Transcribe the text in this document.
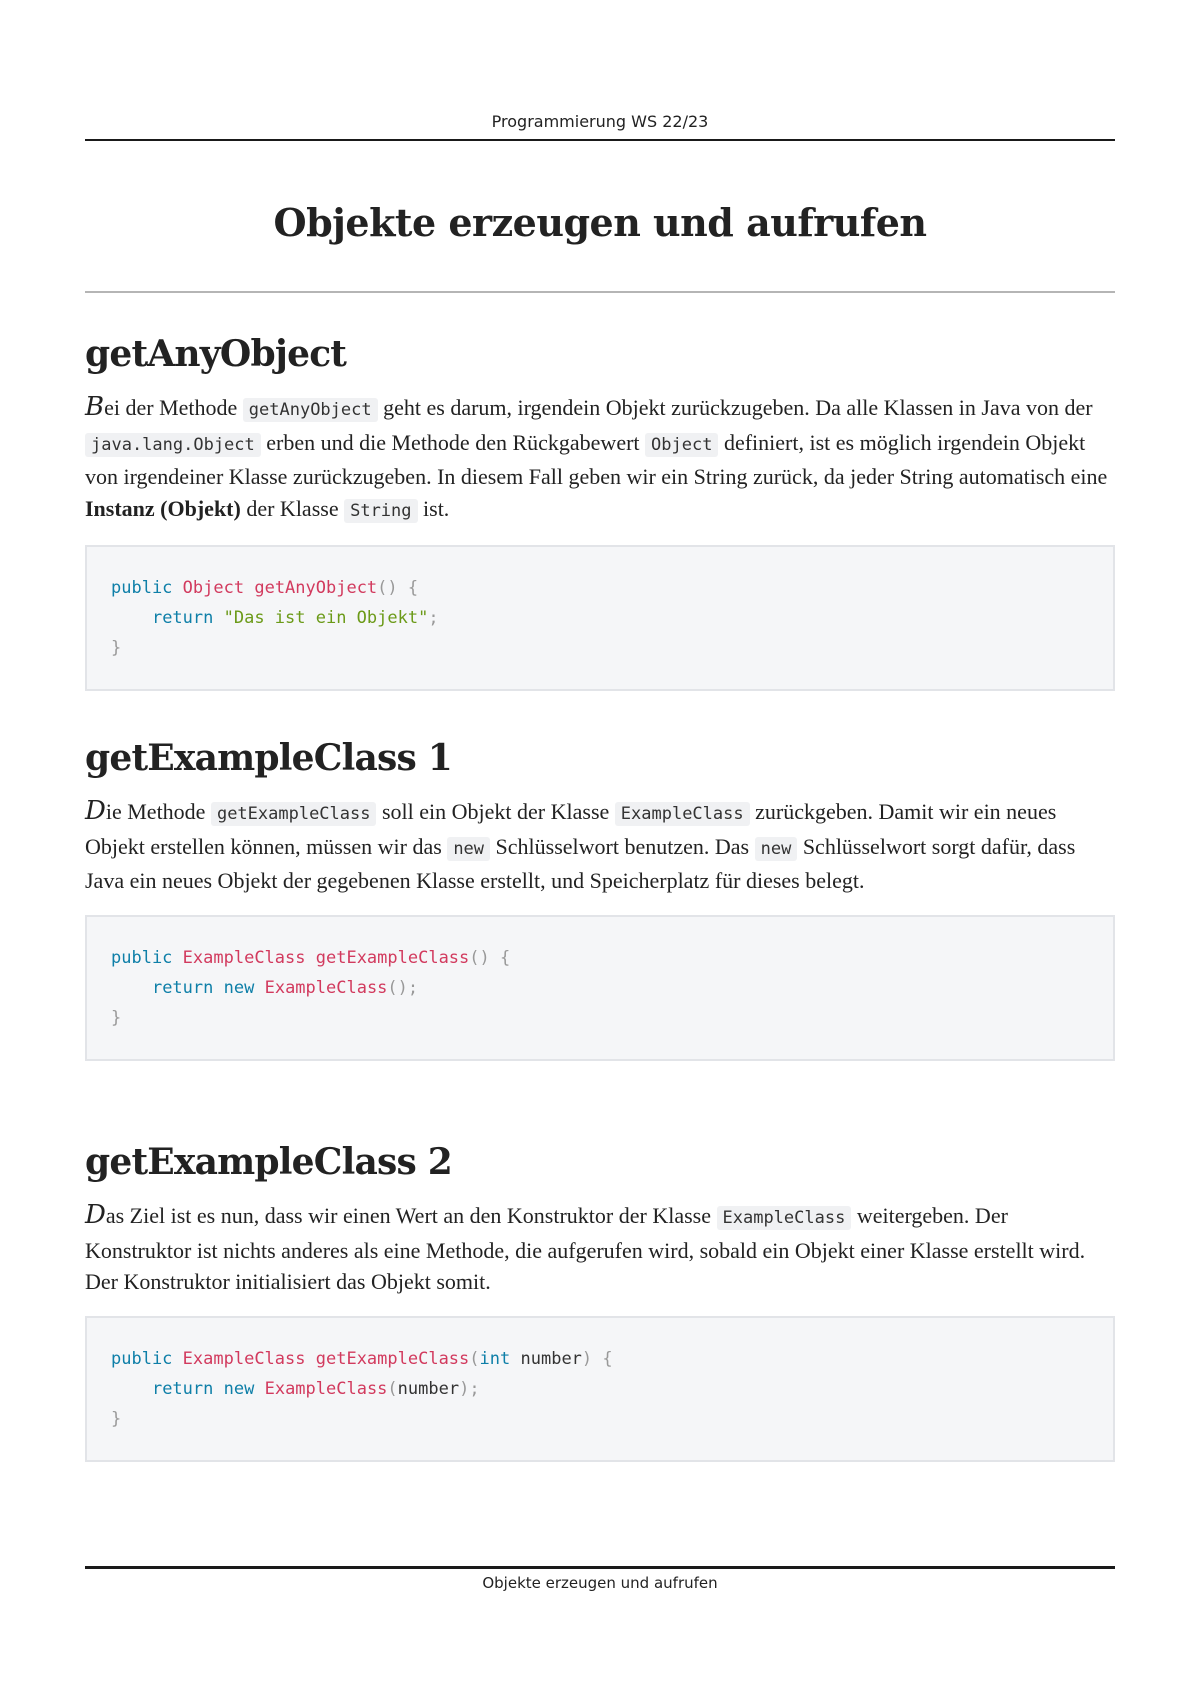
Programmierung WS 22/23
Objekte erzeugen und aufrufen
getAnyObject

Bei der Methode getAnyObject geht es darum, irgendein Objekt zurückzugeben. Da alle Klassen in Java von der java.lang.Object erben und die Methode den Rückgabewert Object definiert, ist es möglich irgendein Objekt von irgendeiner Klasse zurückzugeben. In diesem Fall geben wir ein String zurück, da jeder String automatisch eine Instanz (Objekt) der Klasse String ist.

public Object getAnyObject() {
return "Das ist ein Objekt";
}
getExampleClass 1

Die Methode getExampleClass soll ein Objekt der Klasse ExampleClass zurückgeben. Damit wir ein neues Objekt erstellen können, müssen wir das new Schlüsselwort benutzen. Das new Schlüsselwort sorgt dafür, dass Java ein neues Objekt der gegebenen Klasse erstellt, und Speicherplatz für dieses belegt.

public ExampleClass getExampleClass() {
return new ExampleClass();
}
getExampleClass 2

Das Ziel ist es nun, dass wir einen Wert an den Konstruktor der Klasse ExampleClass weitergeben. Der Konstruktor ist nichts anderes als eine Methode, die aufgerufen wird, sobald ein Objekt einer Klasse erstellt wird. Der Konstruktor initialisiert das Objekt somit.

public ExampleClass getExampleClass(int number) {
return new ExampleClass(number);
}
Objekte erzeugen und aufrufen
